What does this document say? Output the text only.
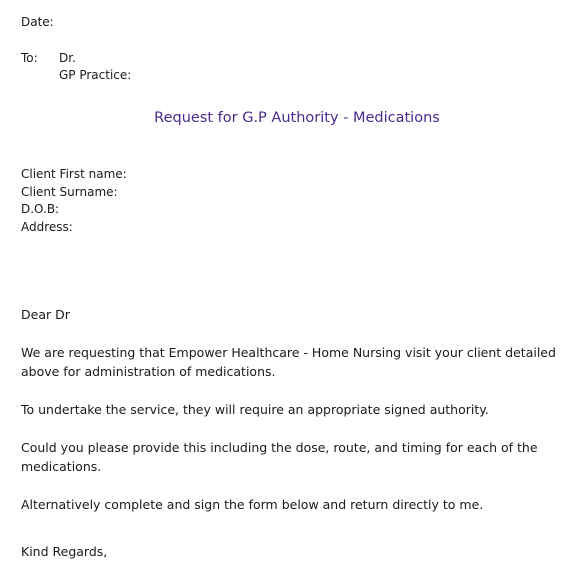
Date:
To: Dr.
GP Practice:
Request for G.P Authority - Medications
Client First name:
Client Surname:
D.O.B:
Address:
Dear Dr
We are requesting that Empower Healthcare - Home Nursing visit your client detailed above for administration of medications.
To undertake the service, they will require an appropriate signed authority.
Could you please provide this including the dose, route, and timing for each of the medications.
Alternatively complete and sign the form below and return directly to me.
Kind Regards,
